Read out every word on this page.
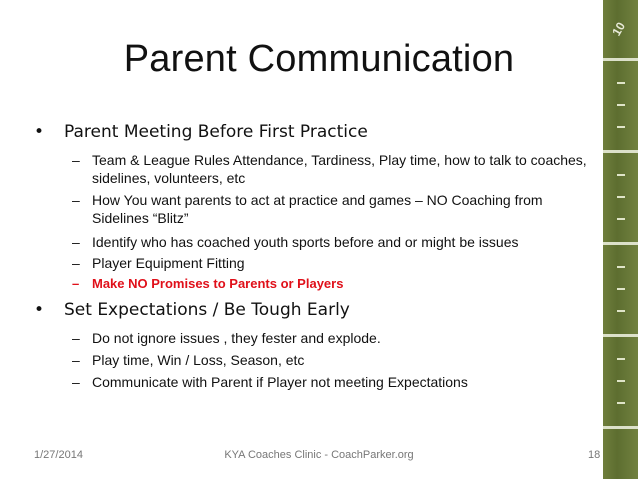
10
Parent Communication
• Parent Meeting Before First Practice
– Team & League Rules Attendance, Tardiness, Play time, how to talk to coaches, sidelines, volunteers, etc
– How You want parents to act at practice and games – NO Coaching from Sidelines “Blitz”
– Identify who has coached youth sports before and or might be issues
– Player Equipment Fitting
– Make NO Promises to Parents or Players
• Set Expectations / Be Tough Early
– Do not ignore issues , they fester and explode.
– Play time, Win / Loss, Season, etc
– Communicate with Parent if Player not meeting Expectations
1/27/2014	KYA Coaches Clinic - CoachParker.org	18
